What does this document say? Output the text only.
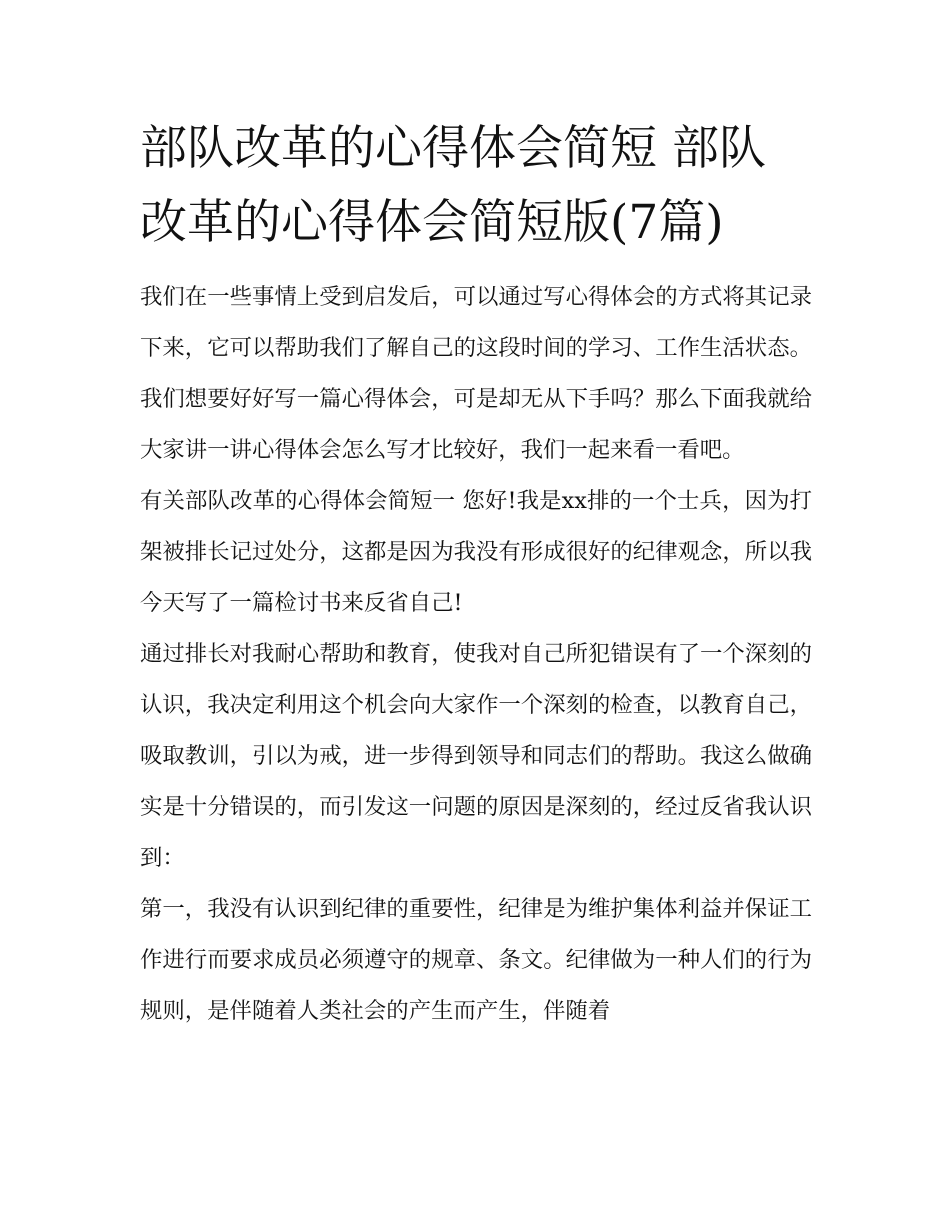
部队改革的心得体会简短 部队改革的心得体会简短版(7篇)

我们在一些事情上受到启发后，可以通过写心得体会的方式将其记录下来，它可以帮助我们了解自己的这段时间的学习、工作生活状态。我们想要好好写一篇心得体会，可是却无从下手吗？那么下面我就给大家讲一讲心得体会怎么写才比较好，我们一起来看一看吧。

有关部队改革的心得体会简短一 您好!我是xx排的一个士兵，因为打架被排长记过处分，这都是因为我没有形成很好的纪律观念，所以我今天写了一篇检讨书来反省自己!

通过排长对我耐心帮助和教育，使我对自己所犯错误有了一个深刻的认识，我决定利用这个机会向大家作一个深刻的检查，以教育自己，吸取教训，引以为戒，进一步得到领导和同志们的帮助。我这么做确实是十分错误的，而引发这一问题的原因是深刻的，经过反省我认识到：

第一，我没有认识到纪律的重要性，纪律是为维护集体利益并保证工作进行而要求成员必须遵守的规章、条文。纪律做为一种人们的行为规则，是伴随着人类社会的产生而产生，伴随着
